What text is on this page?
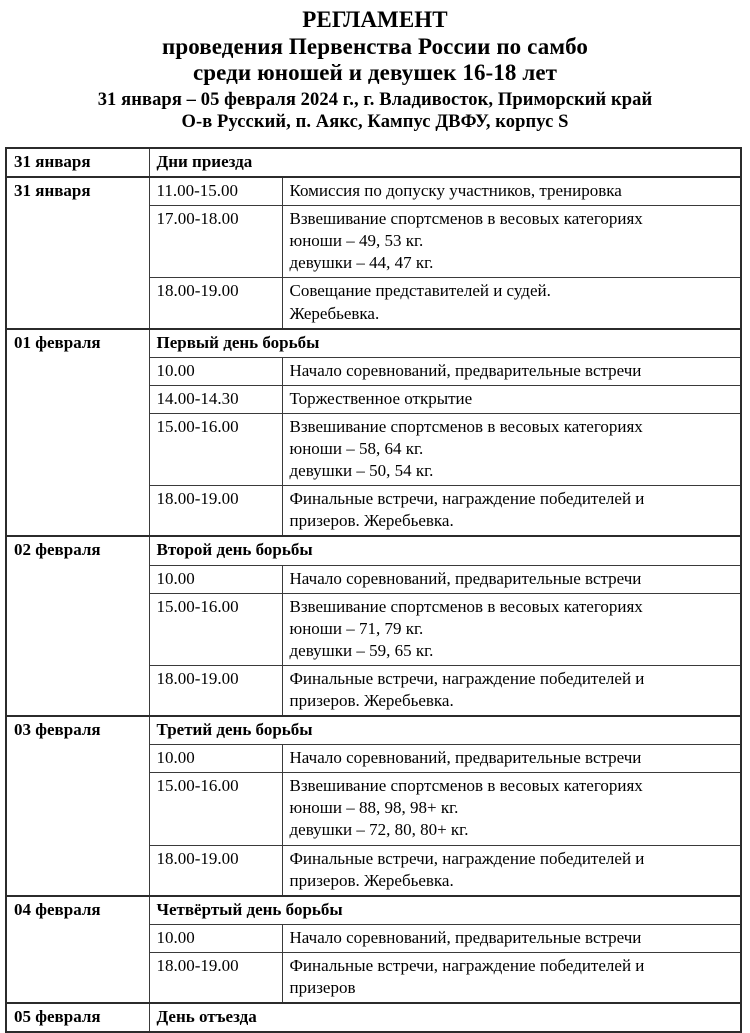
РЕГЛАМЕНТ
проведения Первенства России по самбо
среди юношей и девушек 16-18 лет
31 января – 05 февраля 2024 г., г. Владивосток, Приморский край
О-в Русский, п. Аякс, Кампус ДВФУ, корпус S
31 января	Дни приезда	
31 января	11.00-15.00	Комиссия по допуску участников, тренировка

	17.00-18.00	Взвешивание спортсменов в весовых категориях
юноши – 49, 53 кг.
девушки – 44, 47 кг.

	18.00-19.00	Совещание представителей и судей.
Жеребьевка.

01 февраля	Первый день борьбы	
	10.00	Начало соревнований, предварительные встречи

	14.00-14.30	Торжественное открытие

	15.00-16.00	Взвешивание спортсменов в весовых категориях
юноши – 58, 64 кг.
девушки – 50, 54 кг.

	18.00-19.00	Финальные встречи, награждение победителей и
призеров. Жеребьевка.

02 февраля	Второй день борьбы	
	10.00	Начало соревнований, предварительные встречи

	15.00-16.00	Взвешивание спортсменов в весовых категориях
юноши – 71, 79 кг.
девушки – 59, 65 кг.

	18.00-19.00	Финальные встречи, награждение победителей и
призеров. Жеребьевка.

03 февраля	Третий день борьбы	
	10.00	Начало соревнований, предварительные встречи

	15.00-16.00	Взвешивание спортсменов в весовых категориях
юноши – 88, 98, 98+ кг.
девушки – 72, 80, 80+ кг.

	18.00-19.00	Финальные встречи, награждение победителей и
призеров. Жеребьевка.

04 февраля	Четвёртый день борьбы	
	10.00	Начало соревнований, предварительные встречи

	18.00-19.00	Финальные встречи, награждение победителей и
призеров

05 февраля	День отъезда	
